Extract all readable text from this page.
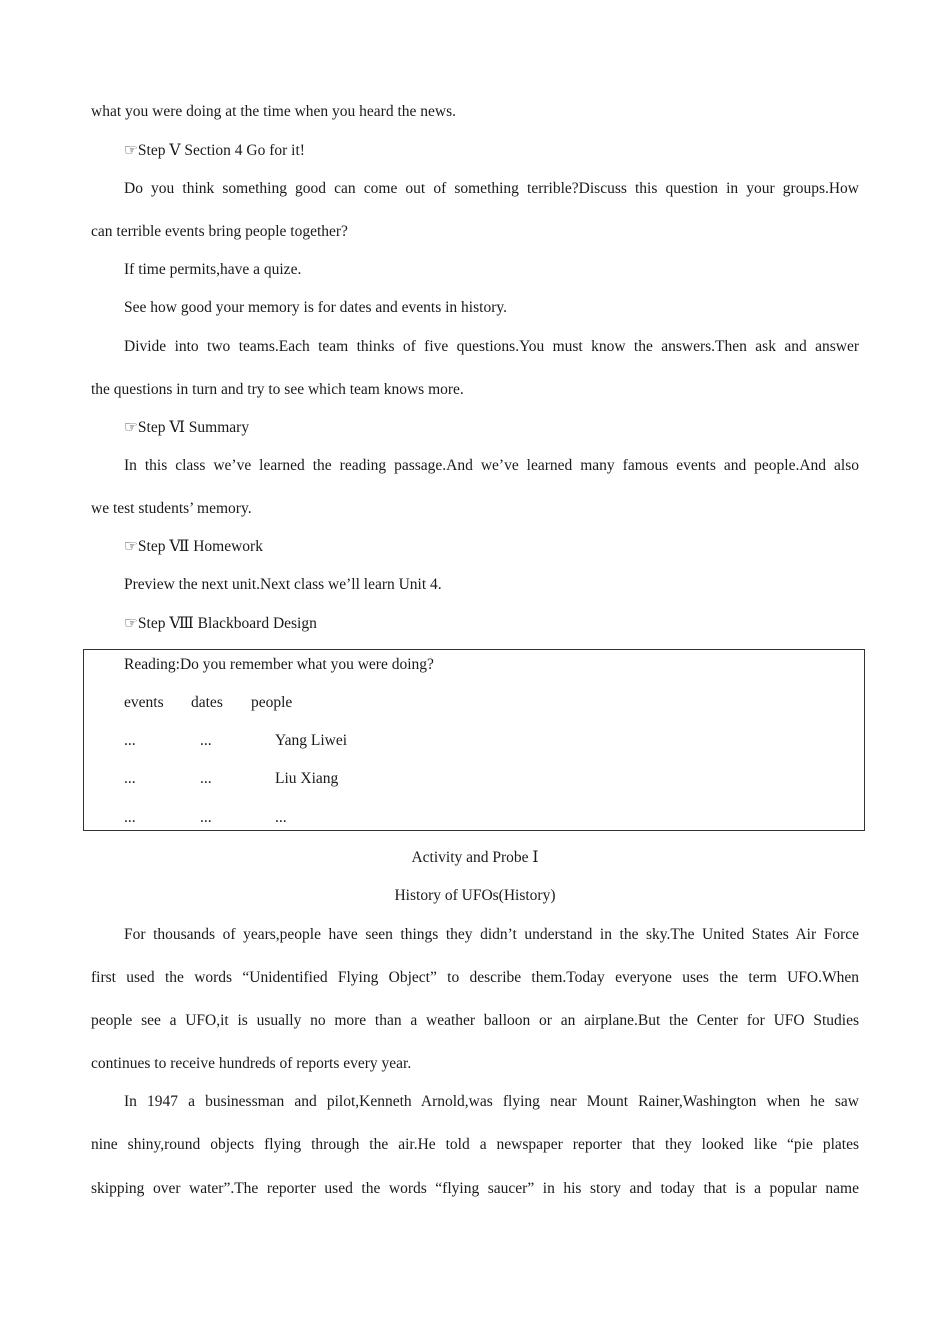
what you were doing at the time when you heard the news.
☞Step Ⅴ Section 4 Go for it!
Do you think something good can come out of something terrible?Discuss this question in your groups.How
can terrible events bring people together?
If time permits,have a quize.
See how good your memory is for dates and events in history.
Divide into two teams.Each team thinks of five questions.You must know the answers.Then ask and answer
the questions in turn and try to see which team knows more.
☞Step Ⅵ Summary
In this class we’ve learned the reading passage.And we’ve learned many famous events and people.And also
we test students’ memory.
☞Step Ⅶ Homework
Preview the next unit.Next class we’ll learn Unit 4.
☞Step Ⅷ Blackboard Design
Reading:Do you remember what you were doing?
events dates people
...	...	Yang Liwei
...	...	Liu Xiang
...	...	...
Activity and Probe Ⅰ
History of UFOs(History)
For thousands of years,people have seen things they didn’t understand in the sky.The United States Air Force
first used the words “Unidentified Flying Object” to describe them.Today everyone uses the term UFO.When
people see a UFO,it is usually no more than a weather balloon or an airplane.But the Center for UFO Studies
continues to receive hundreds of reports every year.
In 1947 a businessman and pilot,Kenneth Arnold,was flying near Mount Rainer,Washington when he saw
nine shiny,round objects flying through the air.He told a newspaper reporter that they looked like “pie plates
skipping over water”.The reporter used the words “flying saucer” in his story and today that is a popular name
